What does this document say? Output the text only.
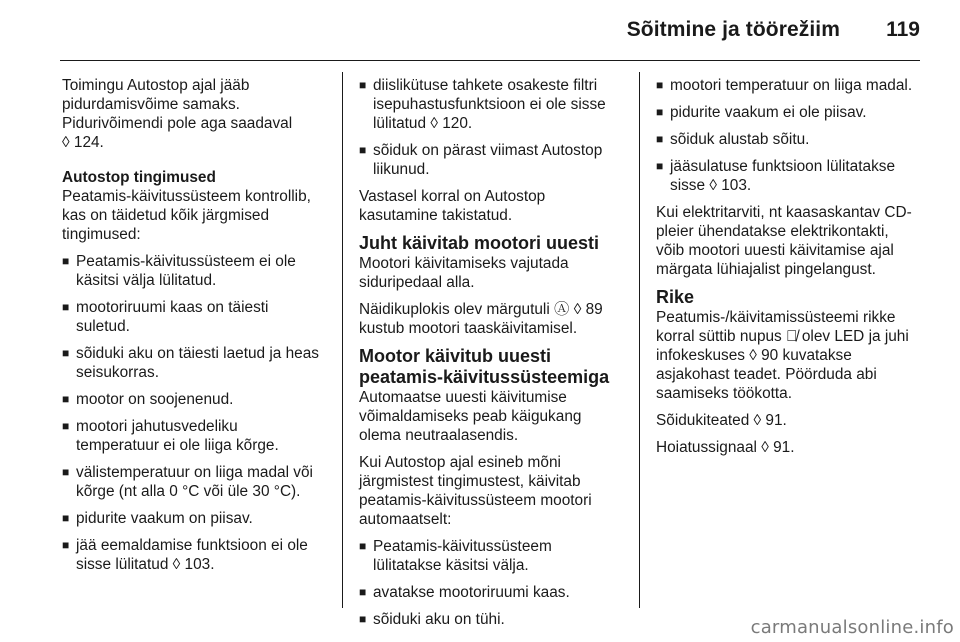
Sõitmine ja töörežiim 119

Toimingu Autostop ajal jääb
pidurdamisvõime samaks.
Pidurivõimendi pole aga saadaval
◊ 124.

Autostop tingimused

Peatamis-käivitussüsteem kontrollib,
kas on täidetud kõik järgmised
tingimused:

■ Peatamis-käivitussüsteem ei ole
käsitsi välja lülitatud.
■ mootoriruumi kaas on täiesti
suletud.
■ sõiduki aku on täiesti laetud ja heas
seisukorras.
■ mootor on soojenenud.
■ mootori jahutusvedeliku
temperatuur ei ole liiga kõrge.
■ välistemperatuur on liiga madal või
kõrge (nt alla 0 °C või üle 30 °C).
■ pidurite vaakum on piisav.
■ jää eemaldamise funktsioon ei ole
sisse lülitatud ◊ 103.
■ diislikütuse tahkete osakeste filtri
isepuhastusfunktsioon ei ole sisse
lülitatud ◊ 120.
■ sõiduk on pärast viimast Autostop
liikunud.

Vastasel korral on Autostop
kasutamine takistatud.

Juht käivitab mootori uuesti

Mootori käivitamiseks vajutada
siduripedaal alla.

Näidikuplokis olev märgutuli Ⓐ ◊ 89
kustub mootori taaskäivitamisel.

Mootor käivitub uuesti
peatamis-käivitussüsteemiga

Automaatse uuesti käivitumise
võimaldamiseks peab käigukang
olema neutraalasendis.

Kui Autostop ajal esineb mõni
järgmistest tingimustest, käivitab
peatamis-käivitussüsteem mootori
automaatselt:

■ Peatamis-käivitussüsteem
lülitatakse käsitsi välja.
■ avatakse mootoriruumi kaas.
■ sõiduki aku on tühi.
■ mootori temperatuur on liiga madal.
■ pidurite vaakum ei ole piisav.
■ sõiduk alustab sõitu.
■ jääsulatuse funktsioon lülitatakse
sisse ◊ 103.

Kui elektritarviti, nt kaasaskantav CD-
pleier ühendatakse elektrikontakti,
võib mootori uuesti käivitamise ajal
märgata lühiajalist pingelangust.

Rike

Peatumis-/käivitamissüsteemi rikke
korral süttib nupus Ⓐ̸ olev LED ja juhi
infokeskuses ◊ 90 kuvatakse
asjakohast teadet. Pöörduda abi
saamiseks töökotta.

Sõidukiteated ◊ 91.

Hoiatussignaal ◊ 91.

carmanualsonline.info
